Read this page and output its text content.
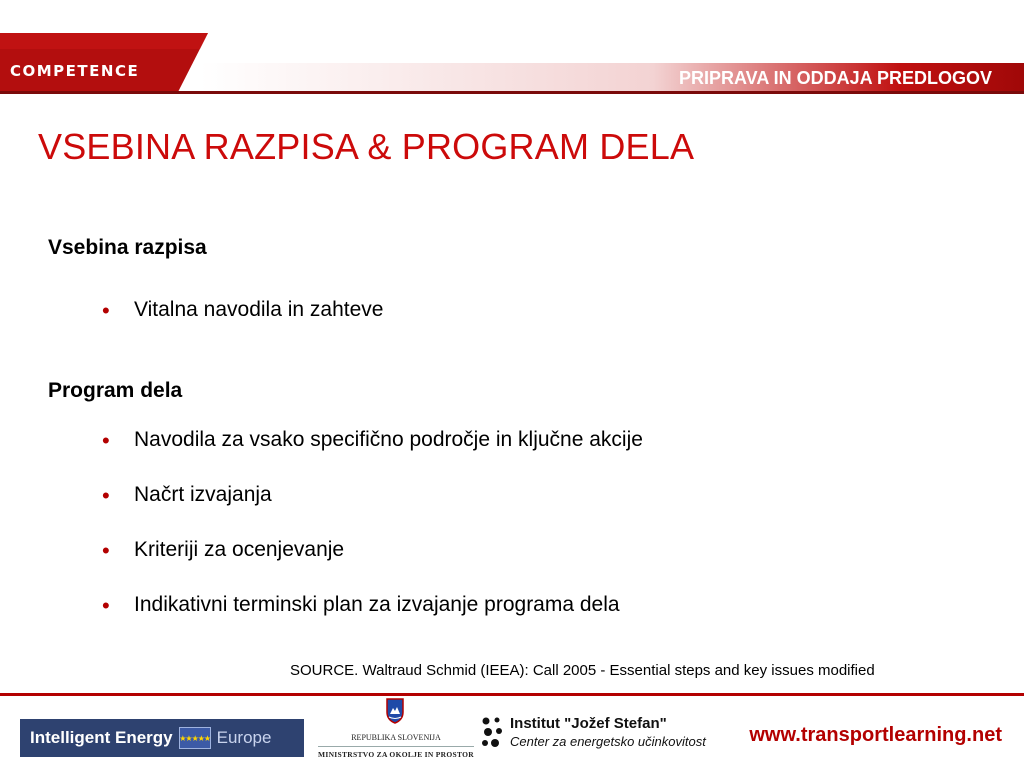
COMPETENCE	PRIPRAVA IN ODDAJA PREDLOGOV
VSEBINA RAZPISA & PROGRAM DELA
Vsebina razpisa
•	Vitalna navodila in zahteve
Program dela
•	Navodila za vsako specifično področje in ključne akcije
•	Načrt izvajanja
•	Kriteriji za ocenjevanje
•	Indikativni terminski plan za izvajanje programa dela
SOURCE. Waltraud Schmid (IEEA): Call 2005 - Essential steps and key issues modified
Intelligent Energy ★★★★★ Europe	REPUBLIKA SLOVENIJA
MINISTRSTVO ZA OKOLJE IN PROSTOR
Institut "Jožef Stefan"
Center za energetsko učinkovitost www.transportlearning.net
